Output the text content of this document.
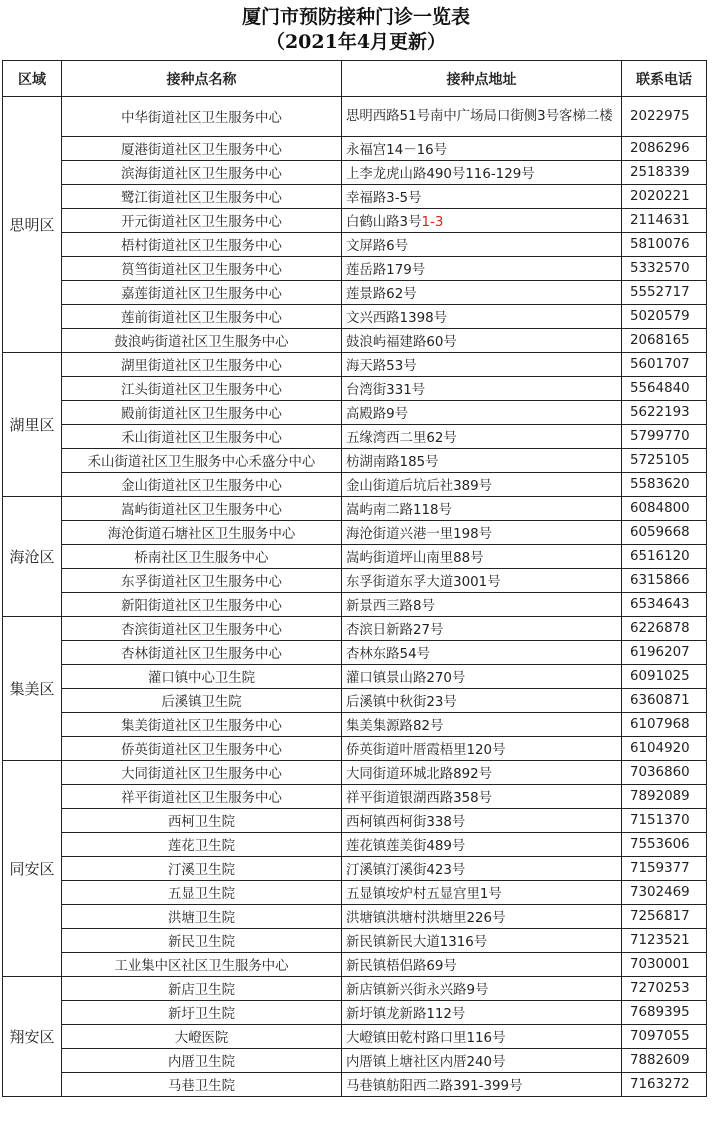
厦门市预防接种门诊一览表
（2021年4月更新）
区域	接种点名称	接种点地址	联系电话
思明区	中华街道社区卫生服务中心	思明西路51号南中广场局口街侧3号客梯二楼	2022975
	厦港街道社区卫生服务中心	永福宫14－16号	2086296
	滨海街道社区卫生服务中心	上李龙虎山路490号116-129号	2518339
	鹭江街道社区卫生服务中心	幸福路3-5号	2020221
	开元街道社区卫生服务中心	白鹤山路3号1-3	2114631
	梧村街道社区卫生服务中心	文屏路6号	5810076
	筼筜街道社区卫生服务中心	莲岳路179号	5332570
	嘉莲街道社区卫生服务中心	莲景路62号	5552717
	莲前街道社区卫生服务中心	文兴西路1398号	5020579
	鼓浪屿街道社区卫生服务中心	鼓浪屿福建路60号	2068165
湖里区	湖里街道社区卫生服务中心	海天路53号	5601707
	江头街道社区卫生服务中心	台湾街331号	5564840
	殿前街道社区卫生服务中心	高殿路9号	5622193
	禾山街道社区卫生服务中心	五缘湾西二里62号	5799770
	禾山街道社区卫生服务中心禾盛分中心	枋湖南路185号	5725105
	金山街道社区卫生服务中心	金山街道后坑后社389号	5583620
海沧区	嵩屿街道社区卫生服务中心	嵩屿南二路118号	6084800
	海沧街道石塘社区卫生服务中心	海沧街道兴港一里198号	6059668
	桥南社区卫生服务中心	嵩屿街道坪山南里88号	6516120
	东孚街道社区卫生服务中心	东孚街道东孚大道3001号	6315866
	新阳街道社区卫生服务中心	新景西三路8号	6534643
集美区	杏滨街道社区卫生服务中心	杏滨日新路27号	6226878
	杏林街道社区卫生服务中心	杏林东路54号	6196207
	灌口镇中心卫生院	灌口镇景山路270号	6091025
	后溪镇卫生院	后溪镇中秋街23号	6360871
	集美街道社区卫生服务中心	集美集源路82号	6107968
	侨英街道社区卫生服务中心	侨英街道叶厝霞梧里120号	6104920
同安区	大同街道社区卫生服务中心	大同街道环城北路892号	7036860
	祥平街道社区卫生服务中心	祥平街道银湖西路358号	7892089
	西柯卫生院	西柯镇西柯街338号	7151370
	莲花卫生院	莲花镇莲美街489号	7553606
	汀溪卫生院	汀溪镇汀溪街423号	7159377
	五显卫生院	五显镇垵炉村五显宫里1号	7302469
	洪塘卫生院	洪塘镇洪塘村洪塘里226号	7256817
	新民卫生院	新民镇新民大道1316号	7123521
	工业集中区社区卫生服务中心	新民镇梧侣路69号	7030001
翔安区	新店卫生院	新店镇新兴街永兴路9号	7270253
	新圩卫生院	新圩镇龙新路112号	7689395
	大嶝医院	大嶝镇田乾村路口里116号	7097055
	内厝卫生院	内厝镇上塘社区内厝240号	7882609
	马巷卫生院	马巷镇舫阳西二路391-399号	7163272
